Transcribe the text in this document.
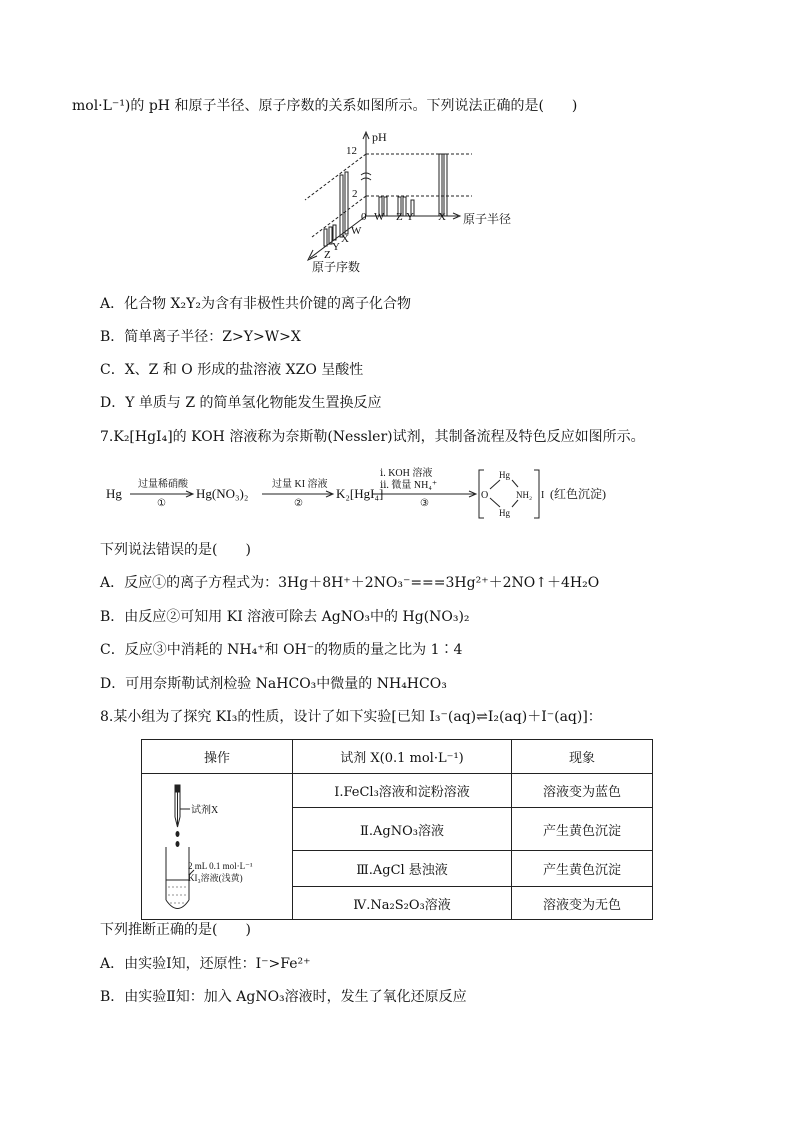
mol·L⁻¹)的 pH 和原子半径、原子序数的关系如图所示。下列说法正确的是(　　)
pH
12
2
0 W Z Y X 原子半径
Z
Y
X
W
原子序数
A．化合物 X₂Y₂为含有非极性共价键的离子化合物
B．简单离子半径：Z>Y>W>X
C．X、Z 和 O 形成的盐溶液 XZO 呈酸性
D．Y 单质与 Z 的简单氢化物能发生置换反应
7.K₂[HgI₄]的 KOH 溶液称为奈斯勒(Nessler)试剂，其制备流程及特色反应如图所示。
Hg
过量稀硝酸
①
Hg(NO₃)₂
过量 KI 溶液
②
K₂[HgI₄]
ⅰ. KOH 溶液
ⅱ. 微量 NH₄⁺
③
Hg
O	NH₂
Hg
I (红色沉淀)
下列说法错误的是(　　)
A．反应①的离子方程式为：3Hg＋8H⁺＋2NO₃⁻===3Hg²⁺＋2NO↑＋4H₂O
B．由反应②可知用 KI 溶液可除去 AgNO₃中的 Hg(NO₃)₂
C．反应③中消耗的 NH₄⁺和 OH⁻的物质的量之比为 1∶4
D．可用奈斯勒试剂检验 NaHCO₃中微量的 NH₄HCO₃
8.某小组为了探究 KI₃的性质，设计了如下实验[已知 I₃⁻(aq)⇌I₂(aq)＋I⁻(aq)]：
操作	试剂 X(0.1 mol·L⁻¹)	现象

试剂X
2 mL 0.1 mol·L⁻¹
KI₃溶液(浅黄)	Ⅰ.FeCl₃溶液和淀粉溶液	溶液变为蓝色
	Ⅱ.AgNO₃溶液	产生黄色沉淀
	Ⅲ.AgCl 悬浊液	产生黄色沉淀
	Ⅳ.Na₂S₂O₃溶液	溶液变为无色
下列推断正确的是(　　)
A．由实验Ⅰ知，还原性：I⁻>Fe²⁺
B．由实验Ⅱ知：加入 AgNO₃溶液时，发生了氧化还原反应
